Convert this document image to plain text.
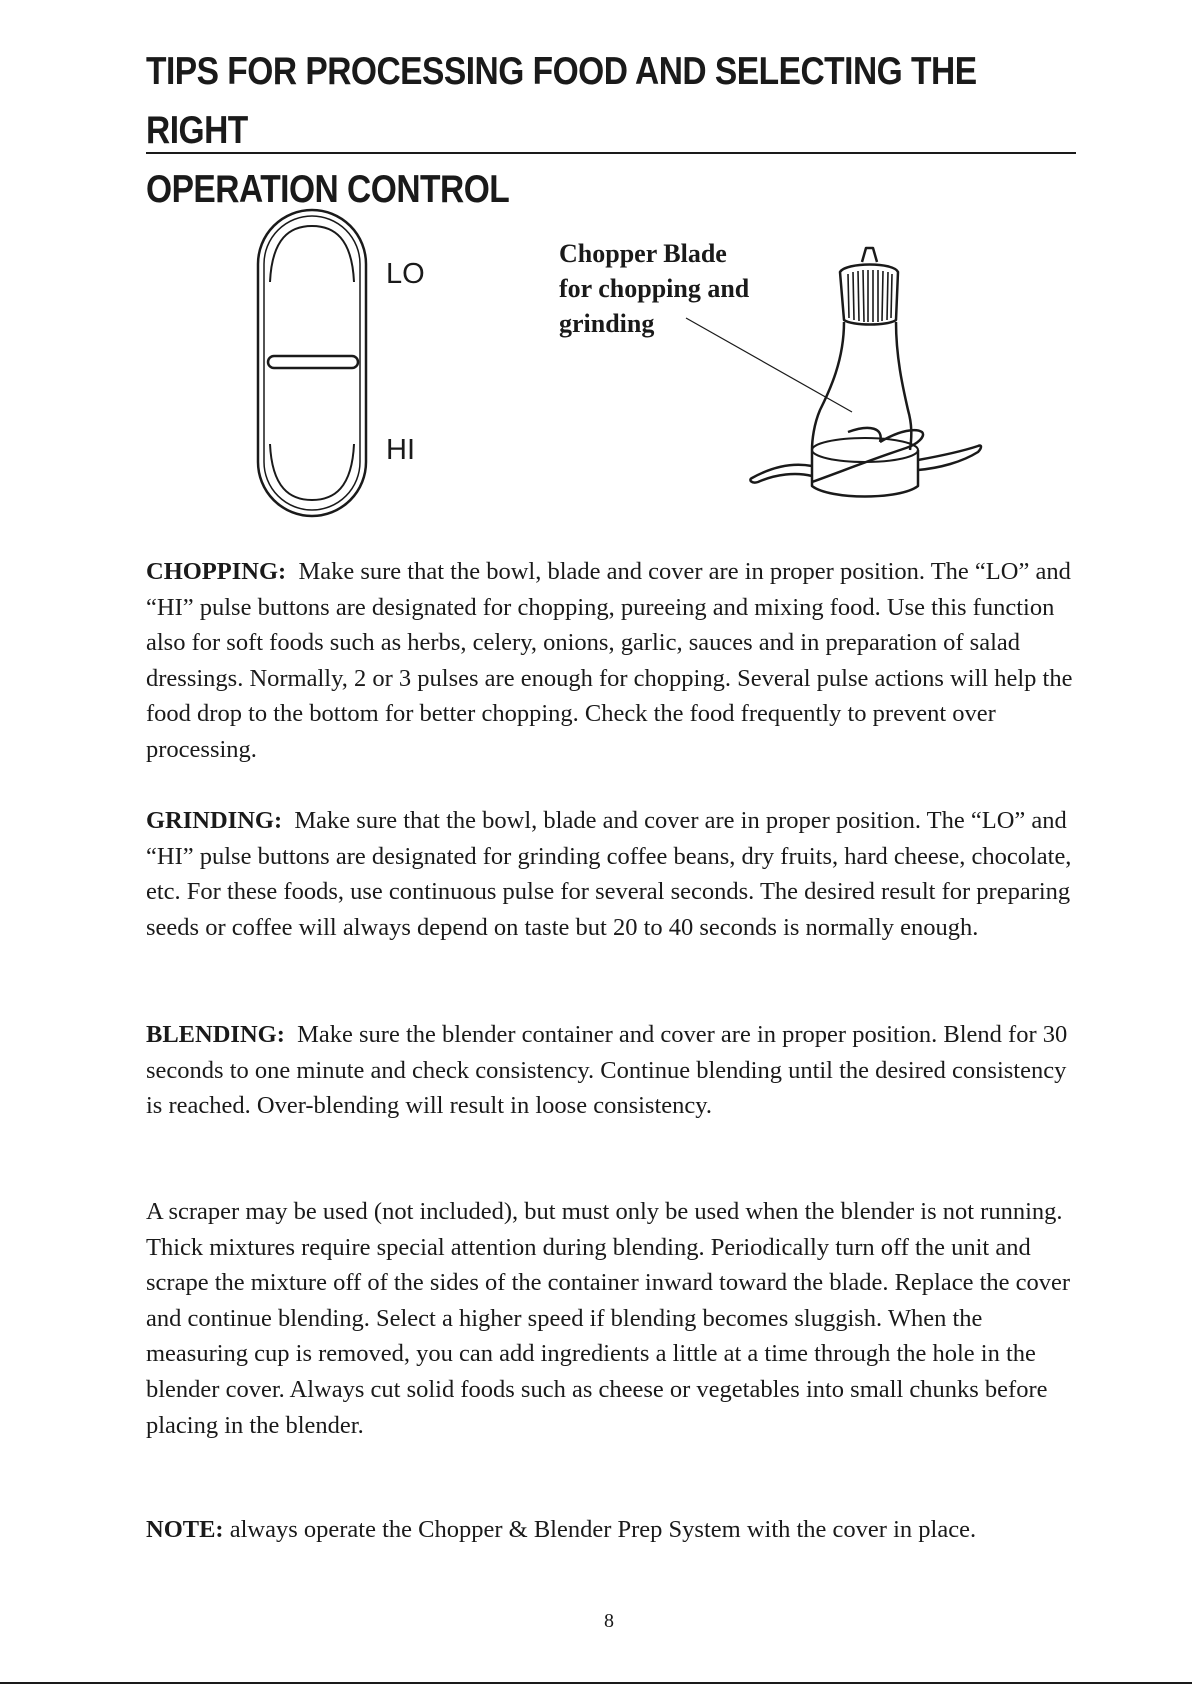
TIPS FOR PROCESSING FOOD AND SELECTING THE RIGHT
OPERATION CONTROL
LO
HI
Chopper Blade
for chopping and
grinding

CHOPPING: Make sure that the bowl, blade and cover are in proper position. The “LO” and “HI” pulse buttons are designated for chopping, pureeing and mixing food. Use this function also for soft foods such as herbs, celery, onions, garlic, sauces and in preparation of salad dressings. Normally, 2 or 3 pulses are enough for chopping. Several pulse actions will help the food drop to the bottom for better chopping. Check the food frequently to prevent over processing.

GRINDING: Make sure that the bowl, blade and cover are in proper position. The “LO” and “HI” pulse buttons are designated for grinding coffee beans, dry fruits, hard cheese, chocolate, etc. For these foods, use continuous pulse for several seconds. The desired result for preparing seeds or coffee will always depend on taste but 20 to 40 seconds is normally enough.

BLENDING: Make sure the blender container and cover are in proper position. Blend for 30 seconds to one minute and check consistency. Continue blending until the desired consistency is reached. Over-blending will result in loose consistency.

A scraper may be used (not included), but must only be used when the blender is not running. Thick mixtures require special attention during blending. Periodically turn off the unit and scrape the mixture off of the sides of the container inward toward the blade. Replace the cover and continue blending. Select a higher speed if blending becomes sluggish. When the measuring cup is removed, you can add ingredients a little at a time through the hole in the blender cover. Always cut solid foods such as cheese or vegetables into small chunks before placing in the blender.

NOTE: always operate the Chopper & Blender Prep System with the cover in place.

8
